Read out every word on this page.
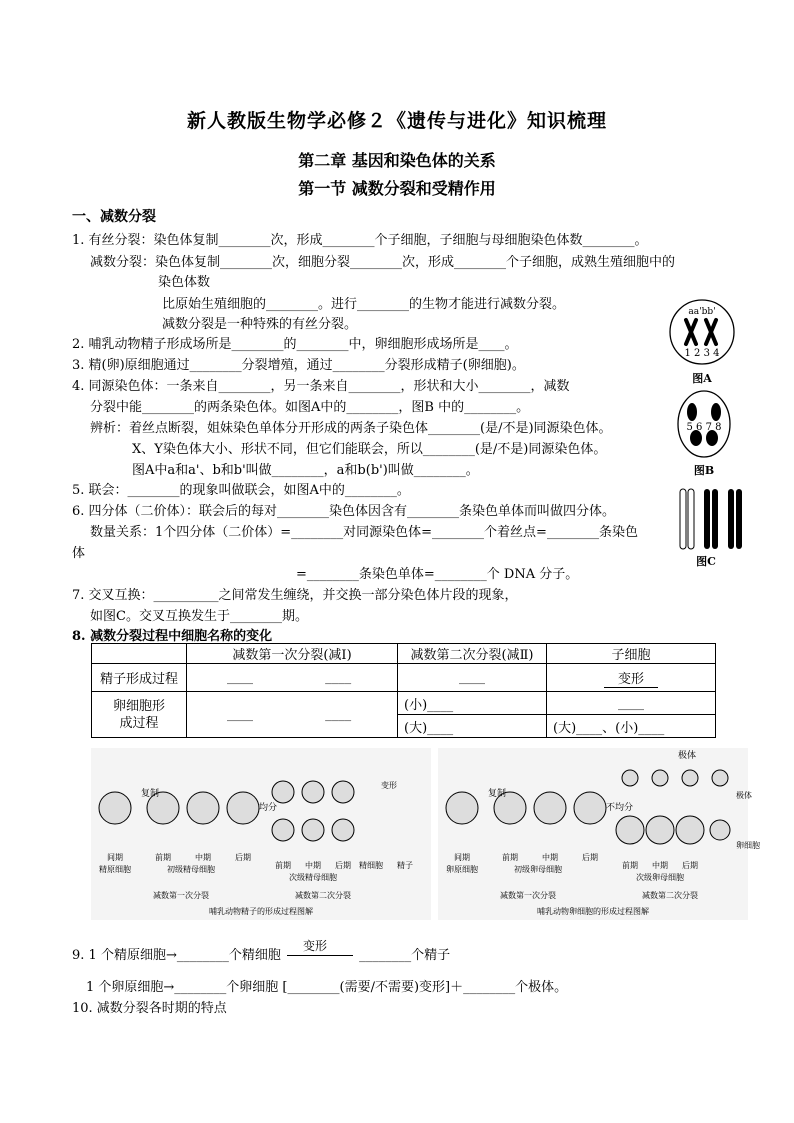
新人教版生物学必修２《遗传与进化》知识梳理
第二章 基因和染色体的关系
第一节 减数分裂和受精作用
一、减数分裂
1. 有丝分裂：染色体复制________次，形成________个子细胞，子细胞与母细胞染色体数________。
减数分裂：染色体复制________次，细胞分裂________次，形成________个子细胞，成熟生殖细胞中的
染色体数
比原始生殖细胞的________。进行________的生物才能进行减数分裂。
减数分裂是一种特殊的有丝分裂。
2. 哺乳动物精子形成场所是________的________中，卵细胞形成场所是____。
3. 精(卵)原细胞通过________分裂增殖，通过________分裂形成精子(卵细胞)。
4. 同源染色体：一条来自________，另一条来自________，形状和大小________，减数
分裂中能________的两条染色体。如图A中的________，图B 中的________。
辨析：着丝点断裂，姐妹染色单体分开形成的两条子染色体________(是/不是)同源染色体。
X、Y染色体大小、形状不同，但它们能联会，所以________(是/不是)同源染色体。
图A中a和a'、b和b'叫做________，a和b(b')叫做________。
5. 联会：________的现象叫做联会，如图A中的________。
6. 四分体（二价体）：联会后的每对________染色体因含有________条染色单体而叫做四分体。
数量关系：1个四分体（二价体）=________对同源染色体=________个着丝点=________条染色
体
=________条染色单体=________个 DNA 分子。
7. 交叉互换：__________之间常发生缠绕，并交换一部分染色体片段的现象，
如图C。交叉互换发生于________期。
8. 减数分裂过程中细胞名称的变化
aa'bb'
1 2 3 4
图A
5 6 7 8
图B
图C
	减数第一次分裂(减Ⅰ)	减数第二次分裂(减Ⅱ)	子细胞
精子形成过程	____ ____	____	变形
卵细胞形成过程	____ ____	(小)____	____
		(大)____	(大)____、(小)____
复制
均分
变形
间期	前期	中期	后期
前期 中期 后期 精细胞 精子
精原细胞	初级精母细胞
次级精母细胞
减数第一次分裂	减数第二次分裂
哺乳动物精子的形成过程图解
复制
不均分
极体
极体
卵细胞
间期	前期	中期	后期
前期 中期 后期
卵原细胞	初级卵母细胞
次级卵母细胞
减数第一次分裂	减数第二次分裂
哺乳动物卵细胞的形成过程图解
9. 1 个精原细胞→________个精细胞
变形
________个精子
1 个卵原细胞→________个卵细胞 [________(需要/不需要)变形]＋________个极体。
10. 减数分裂各时期的特点
